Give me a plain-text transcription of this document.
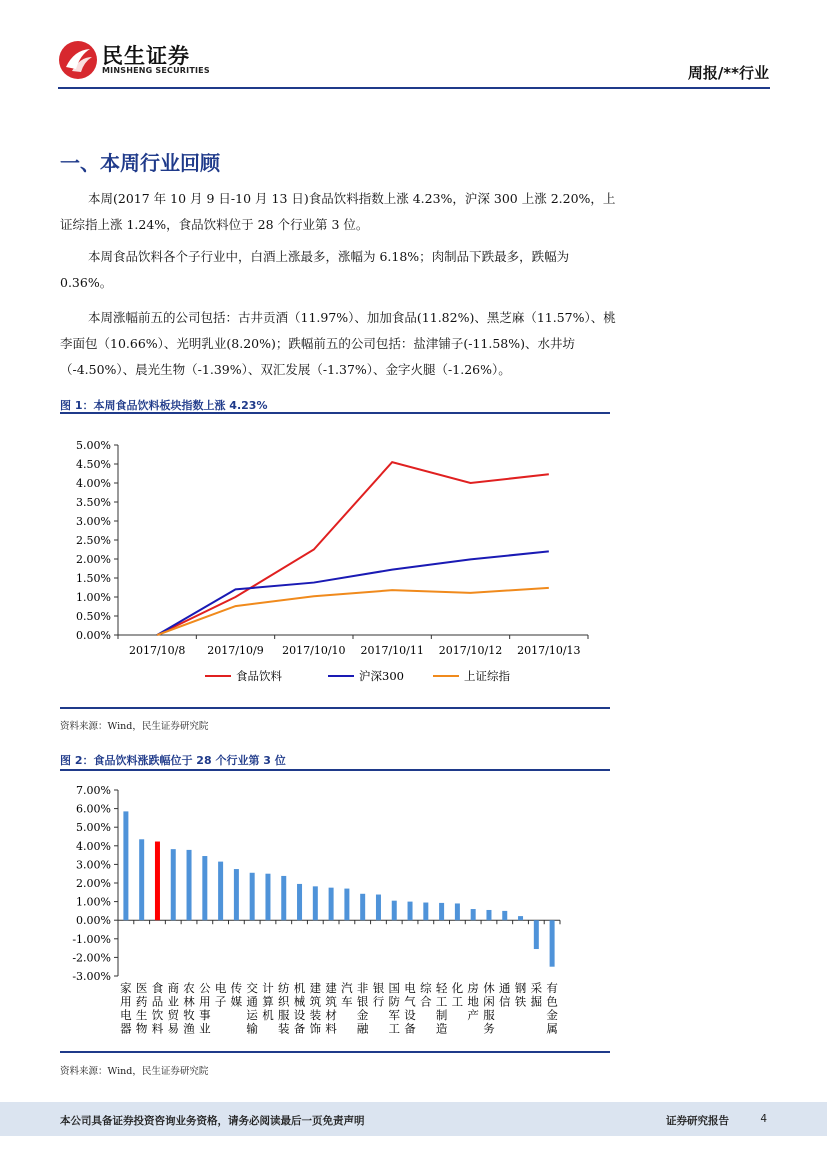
民生证券
MINSHENG SECURITIES	周报/**行业
一、本周行业回顾

本周(2017 年 10 月 9 日-10 月 13 日)食品饮料指数上涨 4.23%，沪深 300 上涨 2.20%，上证综指上涨 1.24%，食品饮料位于 28 个行业第 3 位。

本周食品饮料各个子行业中，白酒上涨最多，涨幅为 6.18%；肉制品下跌最多，跌幅为 0.36%。

本周涨幅前五的公司包括：古井贡酒（11.97%）、加加食品(11.82%)、黑芝麻（11.57%）、桃李面包（10.66%）、光明乳业(8.20%)；跌幅前五的公司包括：盐津铺子(-11.58%)、水井坊（-4.50%）、晨光生物（-1.39%）、双汇发展（-1.37%）、金字火腿（-1.26%）。

图 1：本周食品饮料板块指数上涨 4.23%
0.00%
0.50%
1.00%
1.50%
2.00%
2.50%
3.00%
3.50%
4.00%
4.50%
5.00%
2017/10/8 2017/10/9 2017/10/10 2017/10/11 2017/10/12 2017/10/13
食品饮料	沪深300	上证综指
资料来源：Wind，民生证券研究院
图 2：食品饮料涨跌幅位于 28 个行业第 3 位
-3.00%
-2.00%
-1.00%
0.00%
1.00%
2.00%
3.00%
4.00%
5.00%
6.00%
7.00%
家用电器
医药生物
食品饮料
商业贸易
农林牧渔
公用事业
电子
传媒
交通运输
计算机
纺织服装
机械设备
建筑装饰
建筑材料
汽车
非银金融
银行
国防军工
电气设备
综合
轻工制造
化工
房地产
休闲服务
通信
钢铁
采掘
有色金属
资料来源：Wind，民生证券研究院
本公司具备证券投资咨询业务资格，请务必阅读最后一页免责声明	证券研究报告	4
